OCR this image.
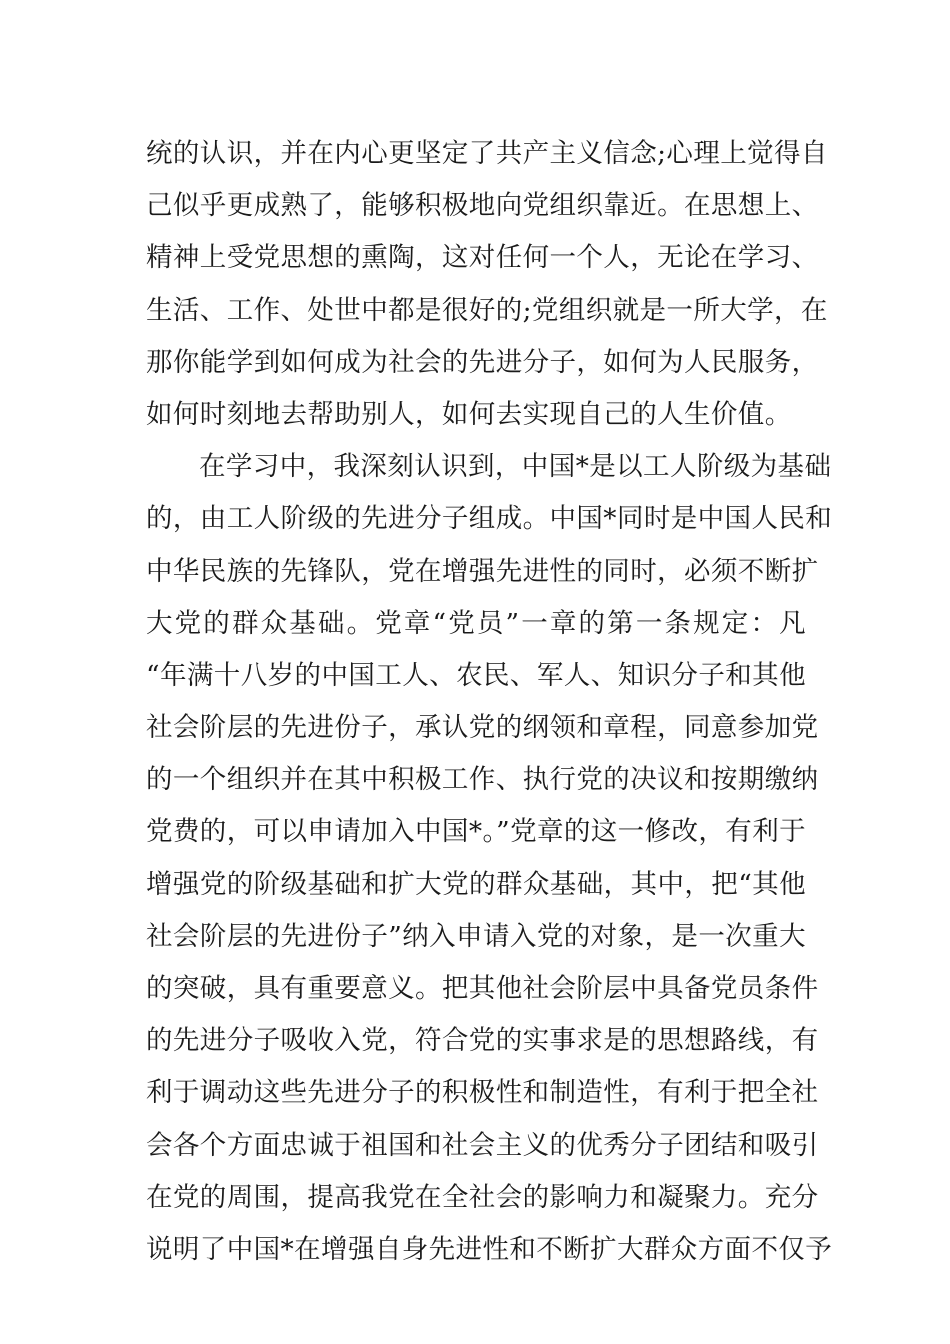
统的认识，并在内心更坚定了共产主义信念;心理上觉得自
己似乎更成熟了，能够积极地向党组织靠近。在思想上、
精神上受党思想的熏陶，这对任何一个人，无论在学习、
生活、工作、处世中都是很好的;党组织就是一所大学，在
那你能学到如何成为社会的先进分子，如何为人民服务，
如何时刻地去帮助别人，如何去实现自己的人生价值。
在学习中，我深刻认识到，中国*是以工人阶级为基础
的，由工人阶级的先进分子组成。中国*同时是中国人民和
中华民族的先锋队，党在增强先进性的同时，必须不断扩
大党的群众基础。党章“党员”一章的第一条规定：凡
“年满十八岁的中国工人、农民、军人、知识分子和其他
社会阶层的先进份子，承认党的纲领和章程，同意参加党
的一个组织并在其中积极工作、执行党的决议和按期缴纳
党费的，可以申请加入中国*。”党章的这一修改，有利于
增强党的阶级基础和扩大党的群众基础，其中，把“其他
社会阶层的先进份子”纳入申请入党的对象，是一次重大
的突破，具有重要意义。把其他社会阶层中具备党员条件
的先进分子吸收入党，符合党的实事求是的思想路线，有
利于调动这些先进分子的积极性和制造性，有利于把全社
会各个方面忠诚于祖国和社会主义的优秀分子团结和吸引
在党的周围，提高我党在全社会的影响力和凝聚力。充分
说明了中国*在增强自身先进性和不断扩大群众方面不仅予
